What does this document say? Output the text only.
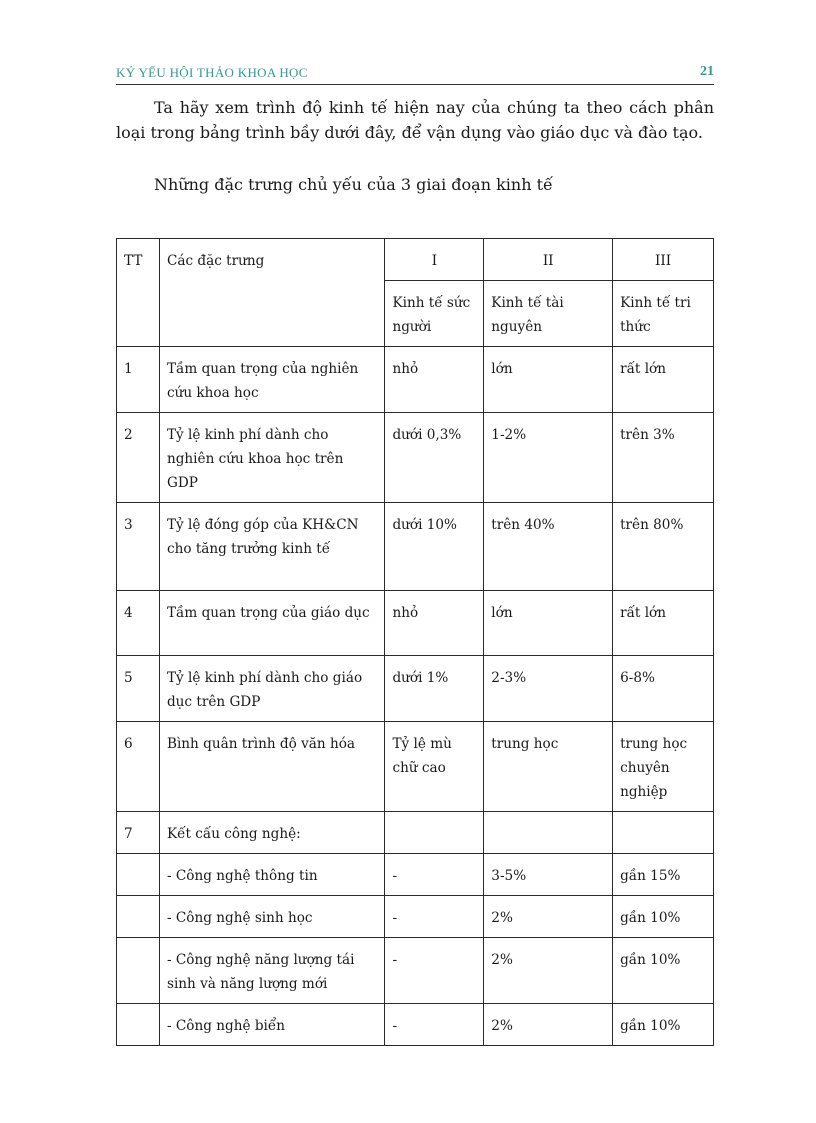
KỶ YẾU HỘI THẢO KHOA HỌC	21

Ta hãy xem trình độ kinh tế hiện nay của chúng ta theo cách phân loại trong bảng trình bầy dưới đây, để vận dụng vào giáo dục và đào tạo.

Những đặc trưng chủ yếu của 3 giai đoạn kinh tế

TT	Các đặc trưng	I	II	III
		Kinh tế sức người	Kinh tế tài nguyên	Kinh tế tri thức
1	Tầm quan trọng của nghiên cứu khoa học	nhỏ	lớn	rất lớn
2	Tỷ lệ kinh phí dành cho nghiên cứu khoa học trên GDP	dưới 0,3%	1-2%	trên 3%
3	Tỷ lệ đóng góp của KH&CN cho tăng trưởng kinh tế	dưới 10%	trên 40%	trên 80%
4	Tầm quan trọng của giáo dục	nhỏ	lớn	rất lớn
5	Tỷ lệ kinh phí dành cho giáo dục trên GDP	dưới 1%	2-3%	6-8%
6	Bình quân trình độ văn hóa	Tỷ lệ mù chữ cao	trung học	trung học chuyên nghiệp
7	Kết cấu công nghệ:			
	- Công nghệ thông tin	-	3-5%	gần 15%
	- Công nghệ sinh học	-	2%	gần 10%
	- Công nghệ năng lượng tái sinh và năng lượng mới	-	2%	gần 10%
	- Công nghệ biển	-	2%	gần 10%
